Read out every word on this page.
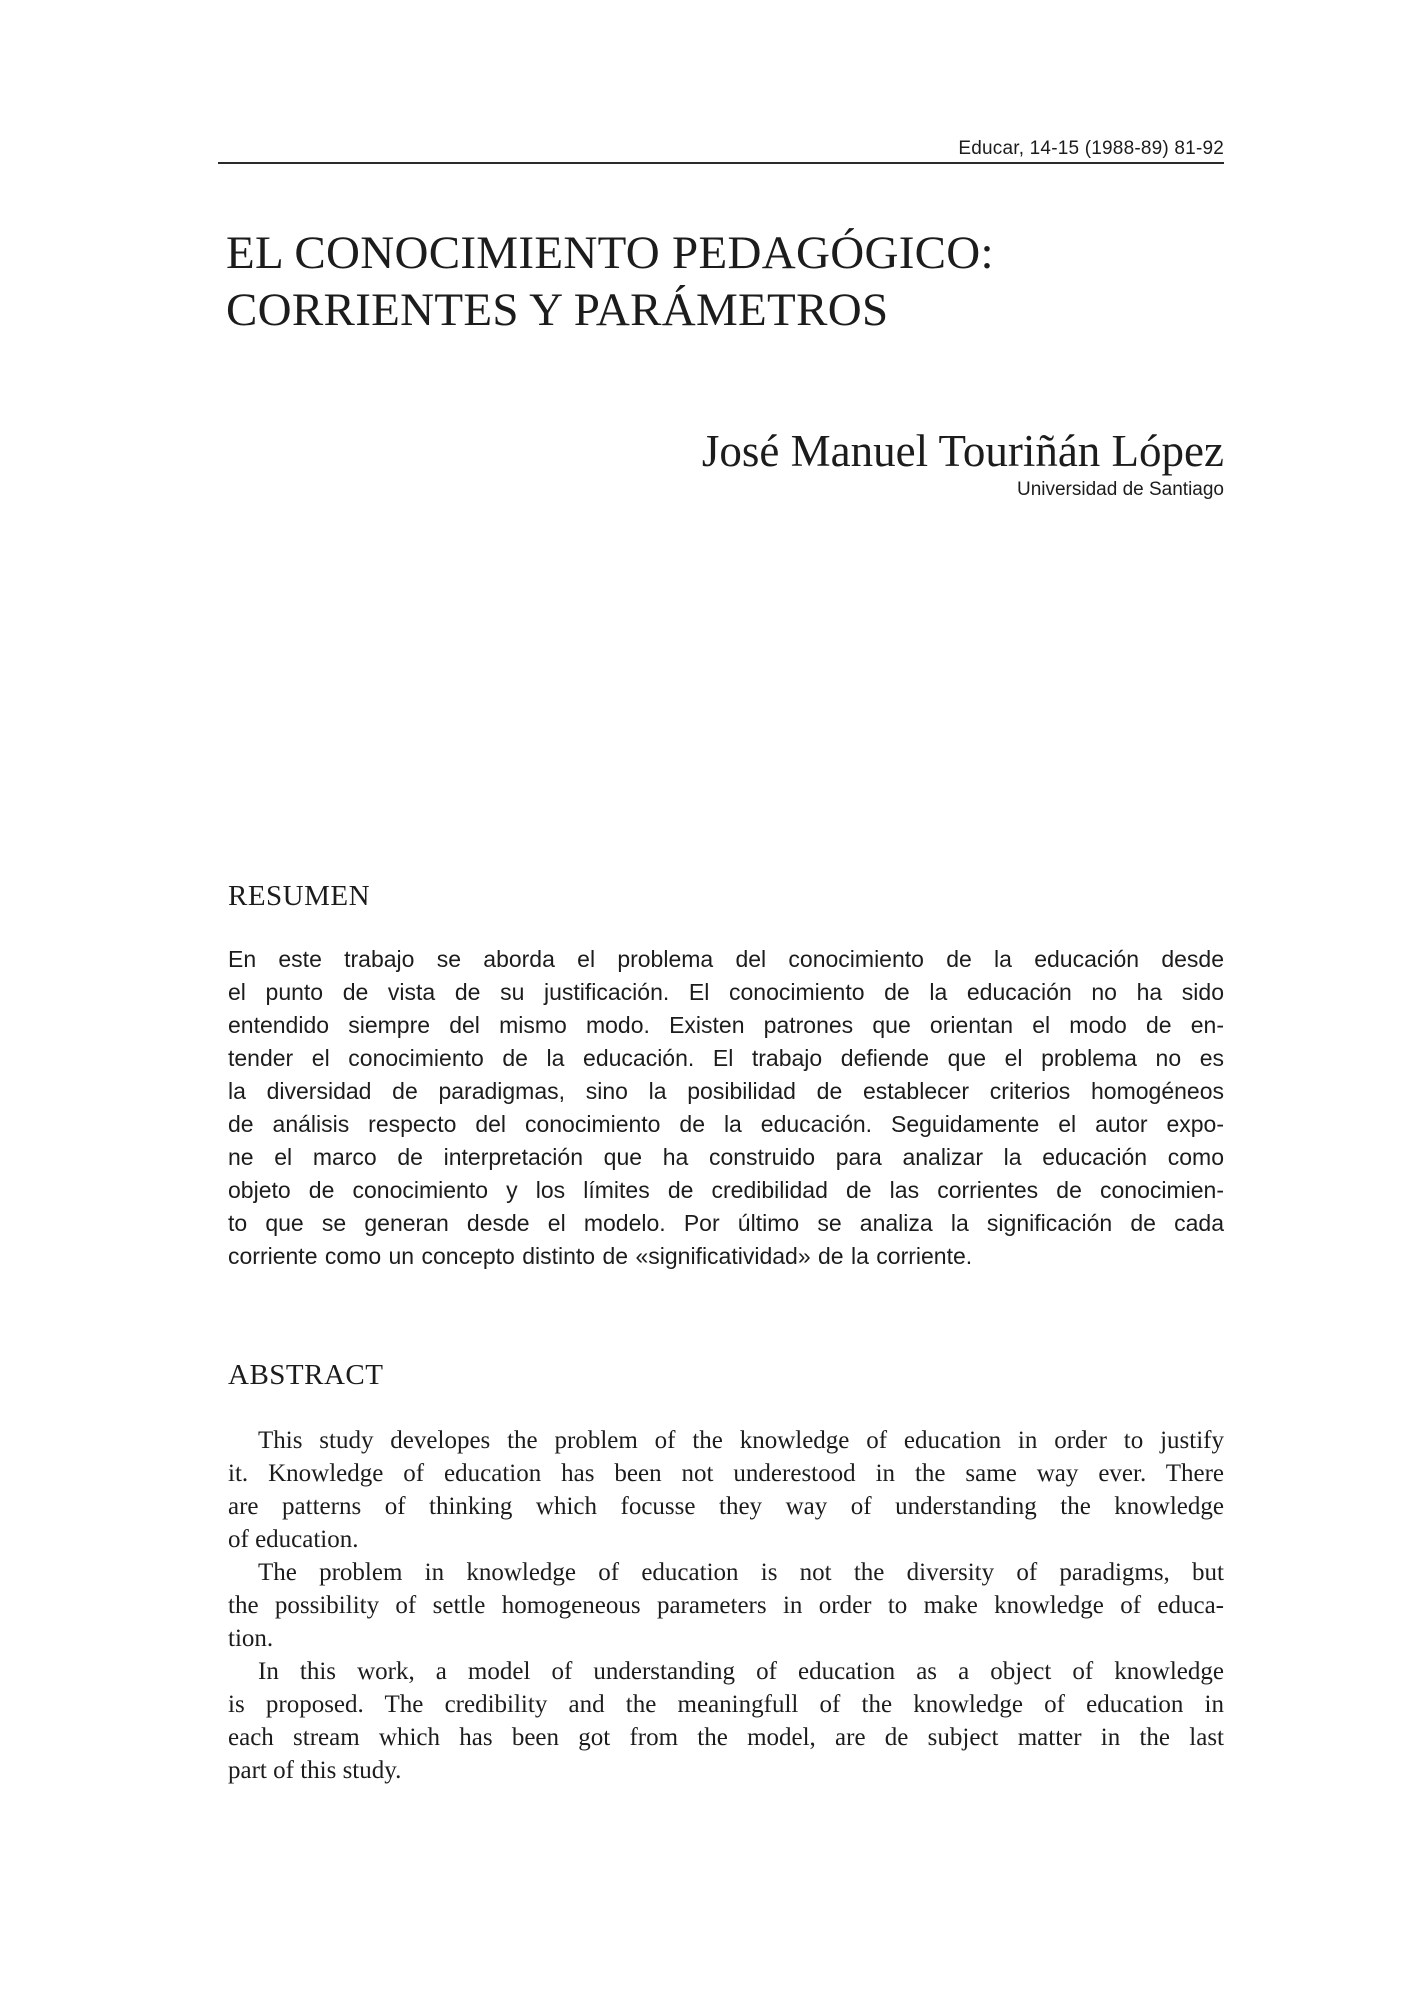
Educar, 14-15 (1988-89) 81-92
EL CONOCIMIENTO PEDAGÓGICO:
CORRIENTES Y PARÁMETROS
José Manuel Touriñán López
Universidad de Santiago
RESUMEN
En este trabajo se aborda el problema del conocimiento de la educación desde
el punto de vista de su justificación. El conocimiento de la educación no ha sido
entendido siempre del mismo modo. Existen patrones que orientan el modo de en-
tender el conocimiento de la educación. El trabajo defiende que el problema no es
la diversidad de paradigmas, sino la posibilidad de establecer criterios homogéneos
de análisis respecto del conocimiento de la educación. Seguidamente el autor expo-
ne el marco de interpretación que ha construido para analizar la educación como
objeto de conocimiento y los límites de credibilidad de las corrientes de conocimien-
to que se generan desde el modelo. Por último se analiza la significación de cada
corriente como un concepto distinto de «significatividad» de la corriente.
ABSTRACT
This study developes the problem of the knowledge of education in order to justify
it. Knowledge of education has been not underestood in the same way ever. There
are patterns of thinking which focusse they way of understanding the knowledge
of education.
The problem in knowledge of education is not the diversity of paradigms, but
the possibility of settle homogeneous parameters in order to make knowledge of educa-
tion.
In this work, a model of understanding of education as a object of knowledge
is proposed. The credibility and the meaningfull of the knowledge of education in
each stream which has been got from the model, are de subject matter in the last
part of this study.
